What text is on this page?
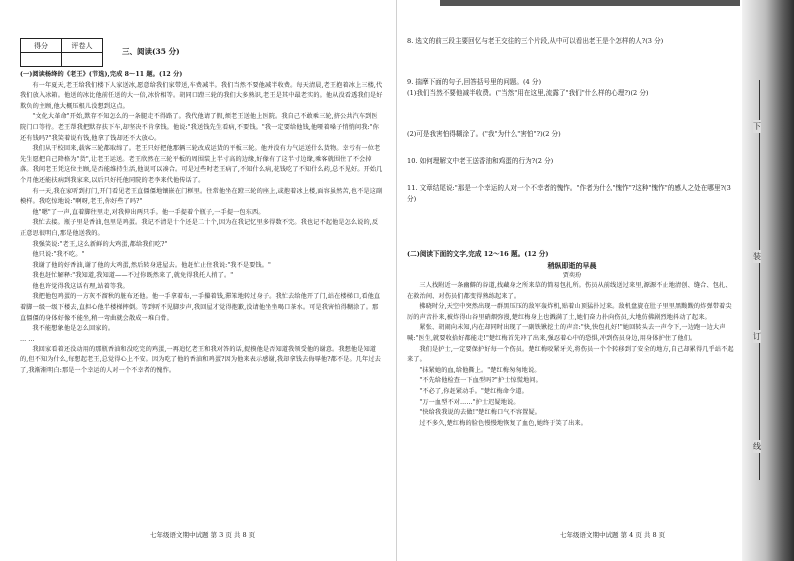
得分	评卷人

三、阅读(35 分)

(一)阅读杨绛的《老王》(节选),完成 8～11 题。(12 分)

有一年夏天,老王给我们楼下人家送冰,愿意给我们家带送,车费减半。我们当然不要他减半收费。每天清晨,老王抱着冰上三楼,代我们放入冰箱。他送的冰比他前任送的大一倍,冰价相等。胡同口蹬三轮的我们大多熟识,老王是其中最老实的。他从没看透我们是好欺负的主顾,他大概压根儿没想到这点。

"文化大革命"开始,默存不知怎么的一条腿走不得路了。我代他请了假,烦老王送他上医院。我自己不敢乘三轮,挤公共汽车到医院门口等待。老王帮我把默存扶下车,却坚决不肯拿钱。他说:"我送钱先生看病,不要钱。"我一定要给他钱,他哑着嗓子悄悄问我:"你还有钱吗?"我笑着说有钱,他拿了钱却还不大放心。

我们从干校回来,载客三轮都取缔了。老王只好把他那辆三轮改成运货的平板三轮。他并没有力气运送什么货物。幸亏有一位老先生愿把自己降格为"货",让老王运送。老王欣然在三轮平板的周围装上半寸高的边缘,好像有了这半寸边缘,乘客就围住了不会掉落。我问老王凭这位主顾,是否能维持生活,他说可以凑合。可是过些时老王病了,不知什么病,花钱吃了不知什么药,总不见好。开始几个月他还能扶病到我家来,以后只好托他同院的老李来代他传话了。

有一天,我在家听到打门,开门看见老王直僵僵地镶嵌在门框里。往常他坐在蹬三轮的座上,或抱着冰上楼,面容虽然苦,也不是这副模样。我吃惊地说:"啊呀,老王,你好些了吗?"

他"嗯"了一声,直着脚往里走,对我伸出两只手。他一手提着个瓶子,一手提一包东西。

我忙去接。瓶子里是香油,包里是鸡蛋。我记不清是十个还是二十个,因为在我记忆里多得数不完。我也记不起他是怎么说的,反正意思很明白,那是他送我的。

我强笑说:"老王,这么新鲜的大鸡蛋,都给我们吃?"

他只说:"我不吃。"

我谢了他的好香油,谢了他的大鸡蛋,然后转身进屋去。他赶忙止住我说:"我不是要钱。"

我也赶忙解释:"我知道,我知道——不过你既然来了,就免得我托人捎了。"

他也许觉得我这话有理,站着等我。

我把他包鸡蛋的一方灰不溜秋的脏布还他。他一手拿着布,一手攥着钱,滞笨地转过身子。我忙去给他开了门,站在楼梯口,看他直着脚一级一级下楼去,直担心他半楼梯摔倒。等到听不见脚步声,我回屋才觉得抱歉,没请他坐坐喝口茶水。可是我害怕得糊涂了。那直僵僵的身体好像不能坐,稍一弯曲就会散成一堆白骨。

我不能想象他是怎么回家的。

……

我回家看着还没动用的那瓶香油和没吃完的鸡蛋,一再追忆老王和我对答的话,捉摸他是否知道我领受他的谢意。我想他是知道的,但不知为什么,每想起老王,总觉得心上不安。因为吃了他的香油和鸡蛋?因为他来表示感谢,我却拿钱去侮辱他?都不是。几年过去了,我渐渐明白:那是一个幸运的人对一个不幸者的愧怍。

七年级语文期中试题 第 3 页 共 8 页

8. 选文的前三段主要回忆与老王交往的三个片段,从中可以看出老王是个怎样的人?(3 分)

9. 揣摩下面的句子,回答括号里的问题。(4 分)

(1)我们当然不要他减半收费。("当然"用在这里,流露了"我们"什么样的心理?)(2 分)

(2)可是我害怕得糊涂了。("我"为什么"害怕"?)(2 分)

10. 如何理解文中老王送香油和鸡蛋的行为?(2 分)

11. 文章结尾说:"那是一个幸运的人对一个不幸者的愧怍。"作者为什么"愧怍"?这种"愧怍"的感人之处在哪里?(3 分)

(二)阅读下面的文字,完成 12～16 题。(12 分)

稍纵即逝的早晨

贾奕玢

三人找附近一条幽僻的谷道,找藏身之所来草的简易包扎所。伤员从前线送过来里,源源不止地清创、缝合、包扎、在救治间、对伤员们都变得熟练起来了。

拂晓时分,天空中突然出现一群黑压压的敌军轰炸机,贴着山顶猛扑过来。敌机盘旋在肚子里里黑黢黢的炸弹带着尖厉的声音扑来,被炸得山谷里硝烟弥漫,楚红梅身上也溅满了土,她们奋力扑向伤员,大地仿佛剧烈地抖动了起来。

紧张、胡闹向未知,内在却同时出现了一副铁锹挖土的声音:"快,快包扎好!"她回转头去一声令下,一边跑一边大声喊:"医生,就要收拾好都能走!"楚红梅首先冲了出来,强忍着心中的恐惧,冲到伤员身边,用身体护住了他们。

我们是护士,一定要保护好每一个伤员。楚红梅咬紧牙关,将伤员一个个转移到了安全的地方,自己却累得几乎站不起来了。

"抹紧她的血,给他撕上。"楚红梅匆匆地说。

"不先给他检查一下血型吗?"护士惊慌地问。

"不必了,你赶紧动手。"楚红梅命令道。

"万一血型不对……"护士迟疑地说。

"快给我我说的去做!"楚红梅口气不容置疑。

过不多久,楚红梅的脸色慢慢地恢复了血色,她终于笑了出来。

七年级语文期中试题 第 4 页 共 8 页
下
装
订
线
